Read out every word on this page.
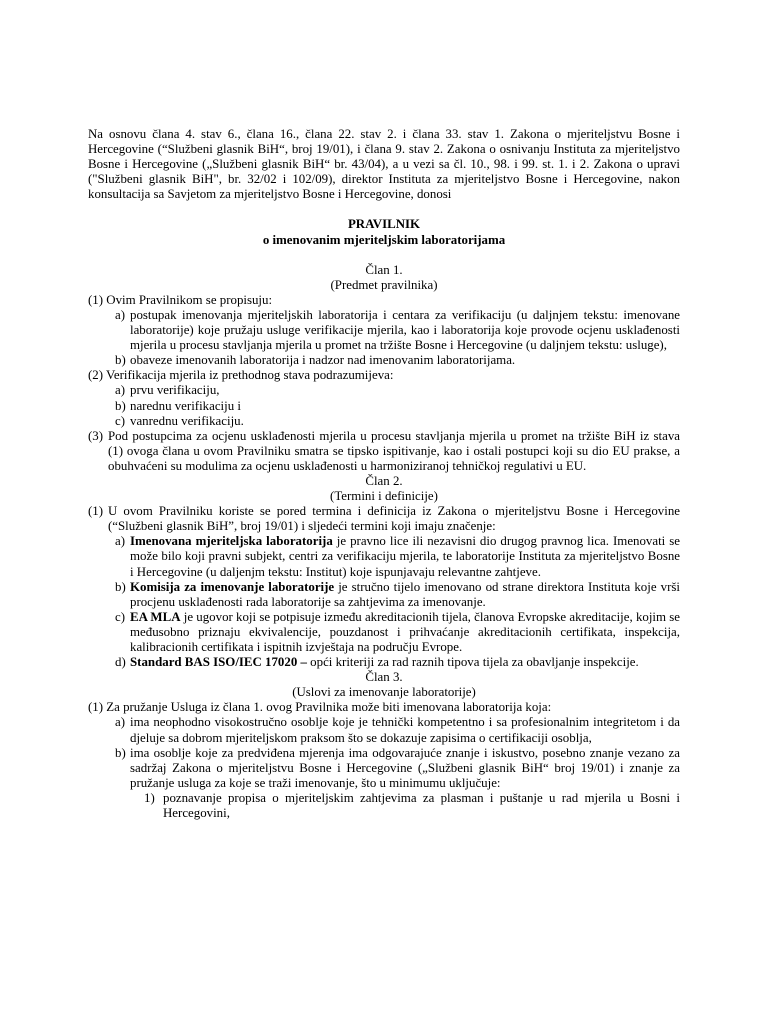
Na osnovu člana 4. stav 6., člana 16., člana 22. stav 2. i člana 33. stav 1. Zakona o mjeriteljstvu Bosne i Hercegovine (“Službeni glasnik BiH“, broj 19/01), i člana 9. stav 2. Zakona o osnivanju Instituta za mjeriteljstvo Bosne i Hercegovine („Službeni glasnik BiH“ br. 43/04), a u vezi sa čl. 10., 98. i 99. st. 1. i 2. Zakona o upravi ("Službeni glasnik BiH", br. 32/02 i 102/09), direktor Instituta za mjeriteljstvo Bosne i Hercegovine, nakon konsultacija sa Savjetom za mjeriteljstvo Bosne i Hercegovine, donosi

PRAVILNIK

o imenovanim mjeriteljskim laboratorijama

Član 1.

(Predmet pravilnika)

(1) Ovim Pravilnikom se propisuju:

a) postupak imenovanja mjeriteljskih laboratorija i centara za verifikaciju (u daljnjem tekstu: imenovane laboratorije) koje pružaju usluge verifikacije mjerila, kao i laboratorija koje provode ocjenu usklađenosti mjerila u procesu stavljanja mjerila u promet na tržište Bosne i Hercegovine (u daljnjem tekstu: usluge),
b) obaveze imenovanih laboratorija i nadzor nad imenovanim laboratorijama.

(2) Verifikacija mjerila iz prethodnog stava podrazumijeva:

a) prvu verifikaciju,
b) narednu verifikaciju i
c) vanrednu verifikaciju.
(3) Pod postupcima za ocjenu usklađenosti mjerila u procesu stavljanja mjerila u promet na tržište BiH iz stava (1) ovoga člana u ovom Pravilniku smatra se tipsko ispitivanje, kao i ostali postupci koji su dio EU prakse, a obuhvaćeni su modulima za ocjenu usklađenosti u harmoniziranoj tehničkoj regulativi u EU.

Član 2.

(Termini i definicije)

(1) U ovom Pravilniku koriste se pored termina i definicija iz Zakona o mjeriteljstvu Bosne i Hercegovine (“Službeni glasnik BiH”, broj 19/01) i sljedeći termini koji imaju značenje:
a) Imenovana mjeriteljska laboratorija je pravno lice ili nezavisni dio drugog pravnog lica. Imenovati se može bilo koji pravni subjekt, centri za verifikaciju mjerila, te laboratorije Instituta za mjeriteljstvo Bosne i Hercegovine (u daljenjm tekstu: Institut) koje ispunjavaju relevantne zahtjeve.
b) Komisija za imenovanje laboratorije je stručno tijelo imenovano od strane direktora Instituta koje vrši procjenu usklađenosti rada laboratorije sa zahtjevima za imenovanje.
c) EA MLA je ugovor koji se potpisuje između akreditacionih tijela, članova Evropske akreditacije, kojim se međusobno priznaju ekvivalencije, pouzdanost i prihvaćanje akreditacionih certifikata, inspekcija, kalibracionih certifikata i ispitnih izvještaja na području Evrope.
d) Standard BAS ISO/IEC 17020 – opći kriteriji za rad raznih tipova tijela za obavljanje inspekcije.

Član 3.

(Uslovi za imenovanje laboratorije)

(1) Za pružanje Usluga iz člana 1. ovog Pravilnika može biti imenovana laboratorija koja:

a) ima neophodno visokostručno osoblje koje je tehnički kompetentno i sa profesionalnim integritetom i da djeluje sa dobrom mjeriteljskom praksom što se dokazuje zapisima o certifikaciji osoblja,
b) ima osoblje koje za predviđena mjerenja ima odgovarajuće znanje i iskustvo, posebno znanje vezano za sadržaj Zakona o mjeriteljstvu Bosne i Hercegovine („Službeni glasnik BiH“ broj 19/01) i znanje za pružanje usluga za koje se traži imenovanje, što u minimumu uključuje:
1) poznavanje propisa o mjeriteljskim zahtjevima za plasman i puštanje u rad mjerila u Bosni i Hercegovini,
